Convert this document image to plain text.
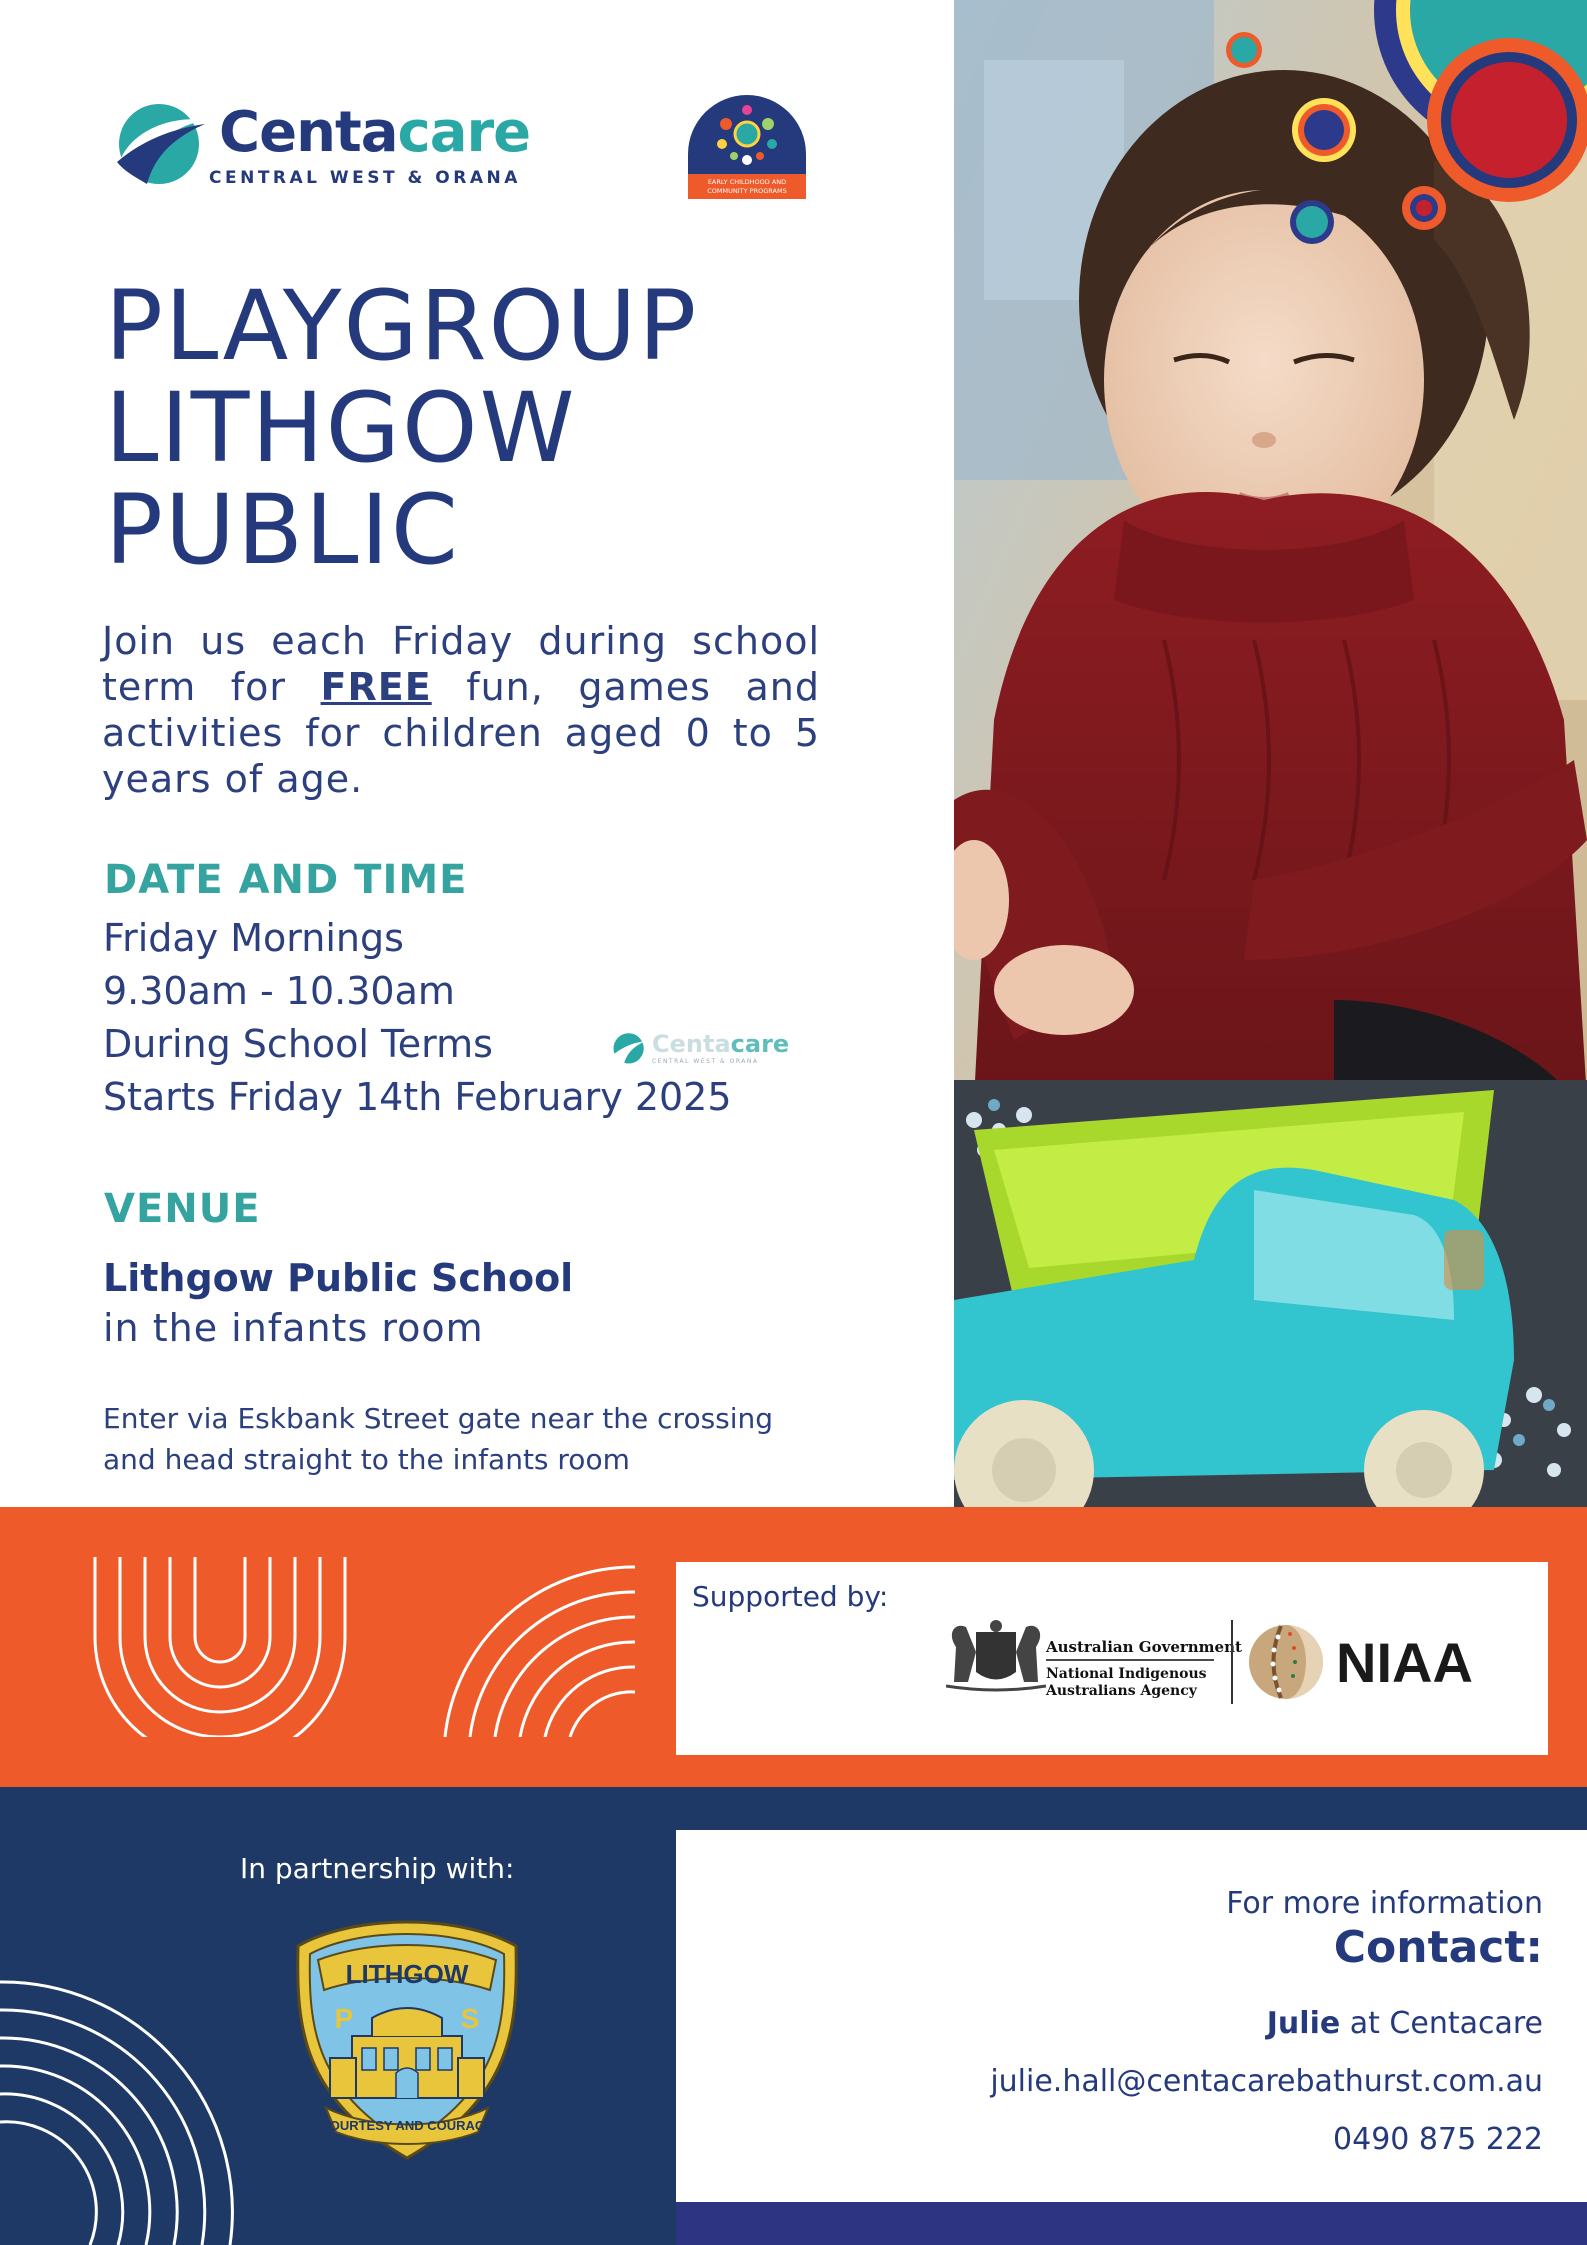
Centacare
CENTRAL WEST & ORANA	EARLY CHILDHOOD AND
COMMUNITY PROGRAMS
PLAYGROUP
LITHGOW
PUBLIC

Join us each Friday during school term for FREE fun, games and activities for children aged 0 to 5 years of age.

DATE AND TIME
Friday Mornings
9.30am - 10.30am
During School Terms
Starts Friday 14th February 2025
Centacare
CENTRAL WEST & ORANA
VENUE
Lithgow Public School
in the infants room
Enter via Eskbank Street gate near the crossing
and head straight to the infants room
Supported by:
Australian Government
National Indigenous
Australians Agency NIAA
In partnership with:
LITHGOW
P	S
COURTESY AND COURAGE
For more information
Contact:
Julie at Centacare
julie.hall@centacarebathurst.com.au
0490 875 222
